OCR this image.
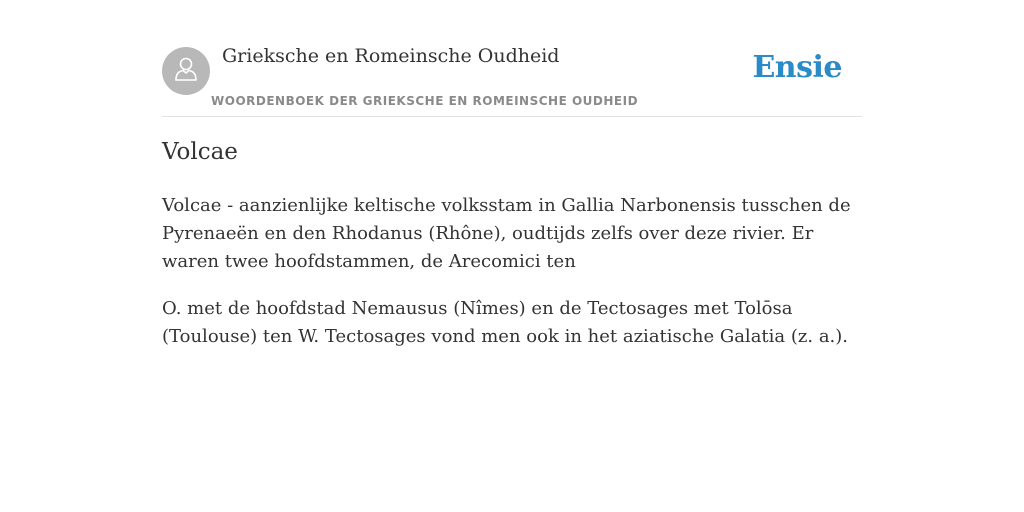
Grieksche en Romeinsche Oudheid
WOORDENBOEK DER GRIEKSCHE EN ROMEINSCHE OUDHEID
Ensie
Volcae

Volcae - aanzienlijke keltische volksstam in Gallia Narbonensis tusschen de Pyrenaeën en den Rhodanus (Rhône), oudtijds zelfs over deze rivier. Er waren twee hoofdstammen, de Arecomici ten

O. met de hoofdstad Nemausus (Nîmes) en de Tectosages met Tolōsa (Toulouse) ten W. Tectosages vond men ook in het aziatische Galatia (z. a.).
